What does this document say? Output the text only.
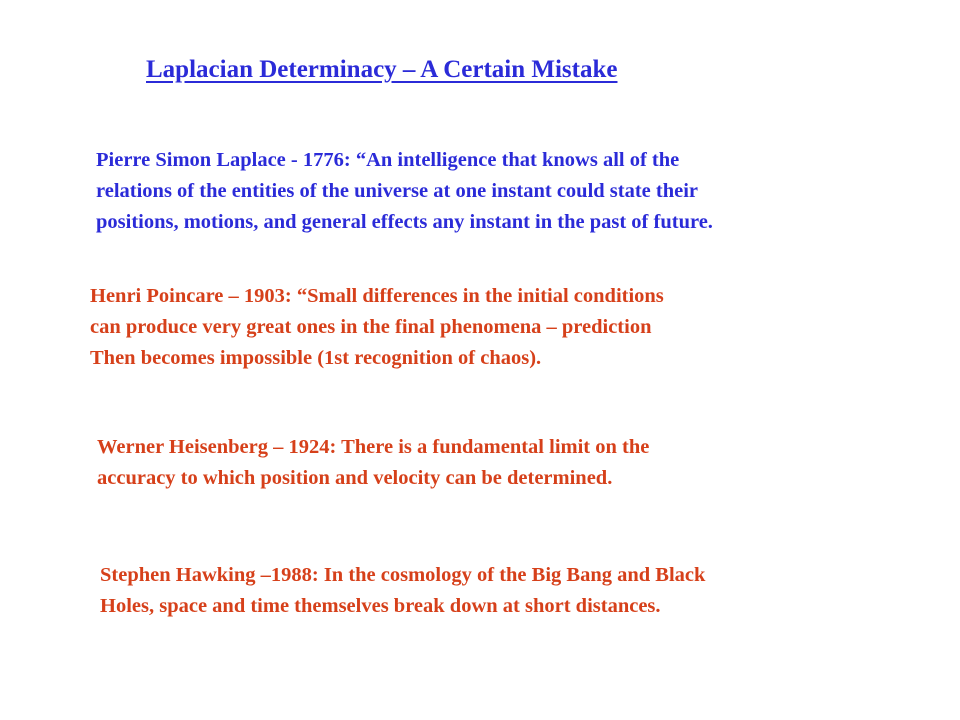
Laplacian Determinacy – A Certain Mistake
Pierre Simon Laplace - 1776: “An intelligence that knows all of the
relations of the entities of the universe at one instant could state their
positions, motions, and general effects any instant in the past of future.
Henri Poincare – 1903: “Small differences in the initial conditions
can produce very great ones in the final phenomena – prediction
Then becomes impossible (1st recognition of chaos).
Werner Heisenberg – 1924: There is a fundamental limit on the
accuracy to which position and velocity can be determined.
Stephen Hawking –1988: In the cosmology of the Big Bang and Black
Holes, space and time themselves break down at short distances.
